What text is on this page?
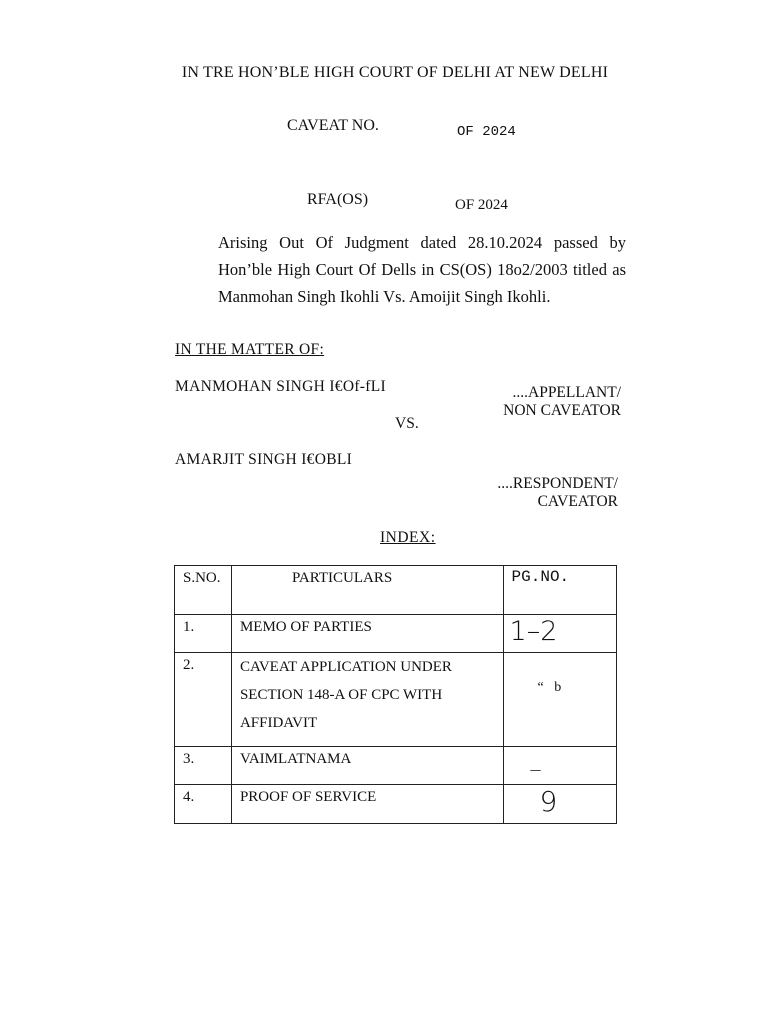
IN TRE HON’BLE HIGH COURT OF DELHI AT NEW DELHI
CAVEAT NO.	OF 2024
RFA(OS)	OF 2024
Arising Out Of Judgment dated 28.10.2024 passed by Hon’ble High Court Of Dells in CS(OS) 18o2/2003 titled as Manmohan Singh Ikohli Vs. Amoijit Singh Ikohli.
IN THE MATTER OF:
MANMOHAN SINGH I€Of-fLI	....APPELLANT/
NON CAVEATOR
VS.
AMARJIT SINGH I€OBLI
....RESPONDENT/
CAVEATOR
INDEX:
S.NO.	PARTICULARS	PG.NO.

1.	MEMO OF PARTIES	1–2

2.	CAVEAT APPLICATION UNDER
SECTION 148-A OF CPC WITH
AFFIDAVIT	“   b

3.	VAIMLATNAMA	_

4.	PROOF OF SERVICE	9
